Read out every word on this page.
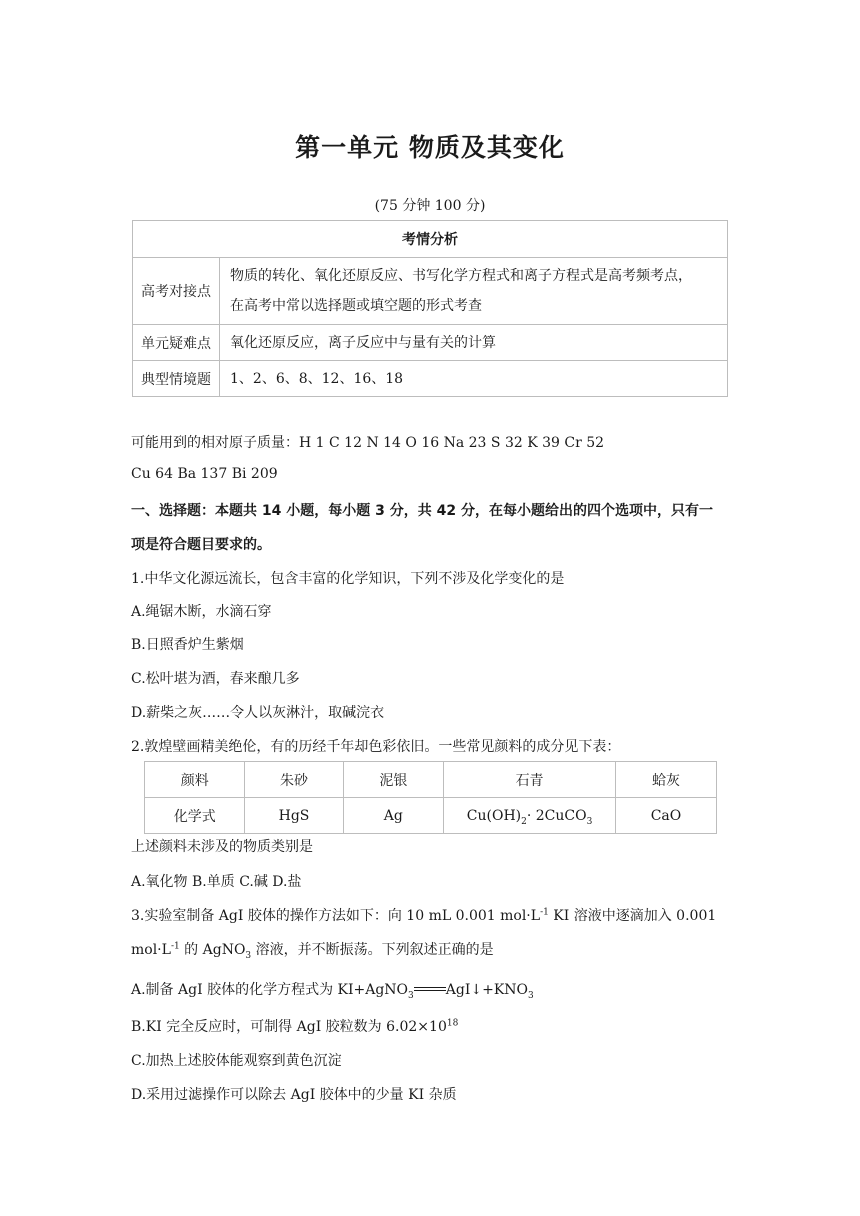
第一单元 物质及其变化
(75 分钟 100 分)
考情分析	
高考对接点	物质的转化、氧化还原反应、书写化学方程式和离子方程式是高考频考点，
在高考中常以选择题或填空题的形式考查
单元疑难点	氧化还原反应，离子反应中与量有关的计算
典型情境题	1、2、6、8、12、16、18
可能用到的相对原子质量：H 1 C 12 N 14 O 16 Na 23 S 32 K 39 Cr 52
Cu 64 Ba 137 Bi 209
一、选择题：本题共 14 小题，每小题 3 分，共 42 分，在每小题给出的四个选项中，只有一
项是符合题目要求的。
1.中华文化源远流长，包含丰富的化学知识，下列不涉及化学变化的是
A.绳锯木断，水滴石穿
B.日照香炉生紫烟
C.松叶堪为酒，春来酿几多
D.薪柴之灰……令人以灰淋汁，取碱浣衣
2.敦煌壁画精美绝伦，有的历经千年却色彩依旧。一些常见颜料的成分见下表：
颜料	朱砂	泥银	石青	蛤灰
化学式	HgS	Ag	$Cu(OH)_2\cdot$ 2CuCO$_3$	CaO
上述颜料未涉及的物质类别是
A.氧化物 B.单质 C.碱 D.盐
3.实验室制备 AgI 胶体的操作方法如下：向 10 mL 0.001 $mol\cdot L^{-1}$ KI 溶液中逐滴加入 0.001
$mol\cdot L^{-1}$ 的 AgNO$_3$ 溶液，并不断振荡。下列叙述正确的是
A.制备 AgI 胶体的化学方程式为 KI+AgNO$_3$ $AgI↓+KNO_3$
B.KI 完全反应时，可制得 AgI 胶粒数为 $6.02\times 10^{18}$
C.加热上述胶体能观察到黄色沉淀
D.采用过滤操作可以除去 AgI 胶体中的少量 KI 杂质
